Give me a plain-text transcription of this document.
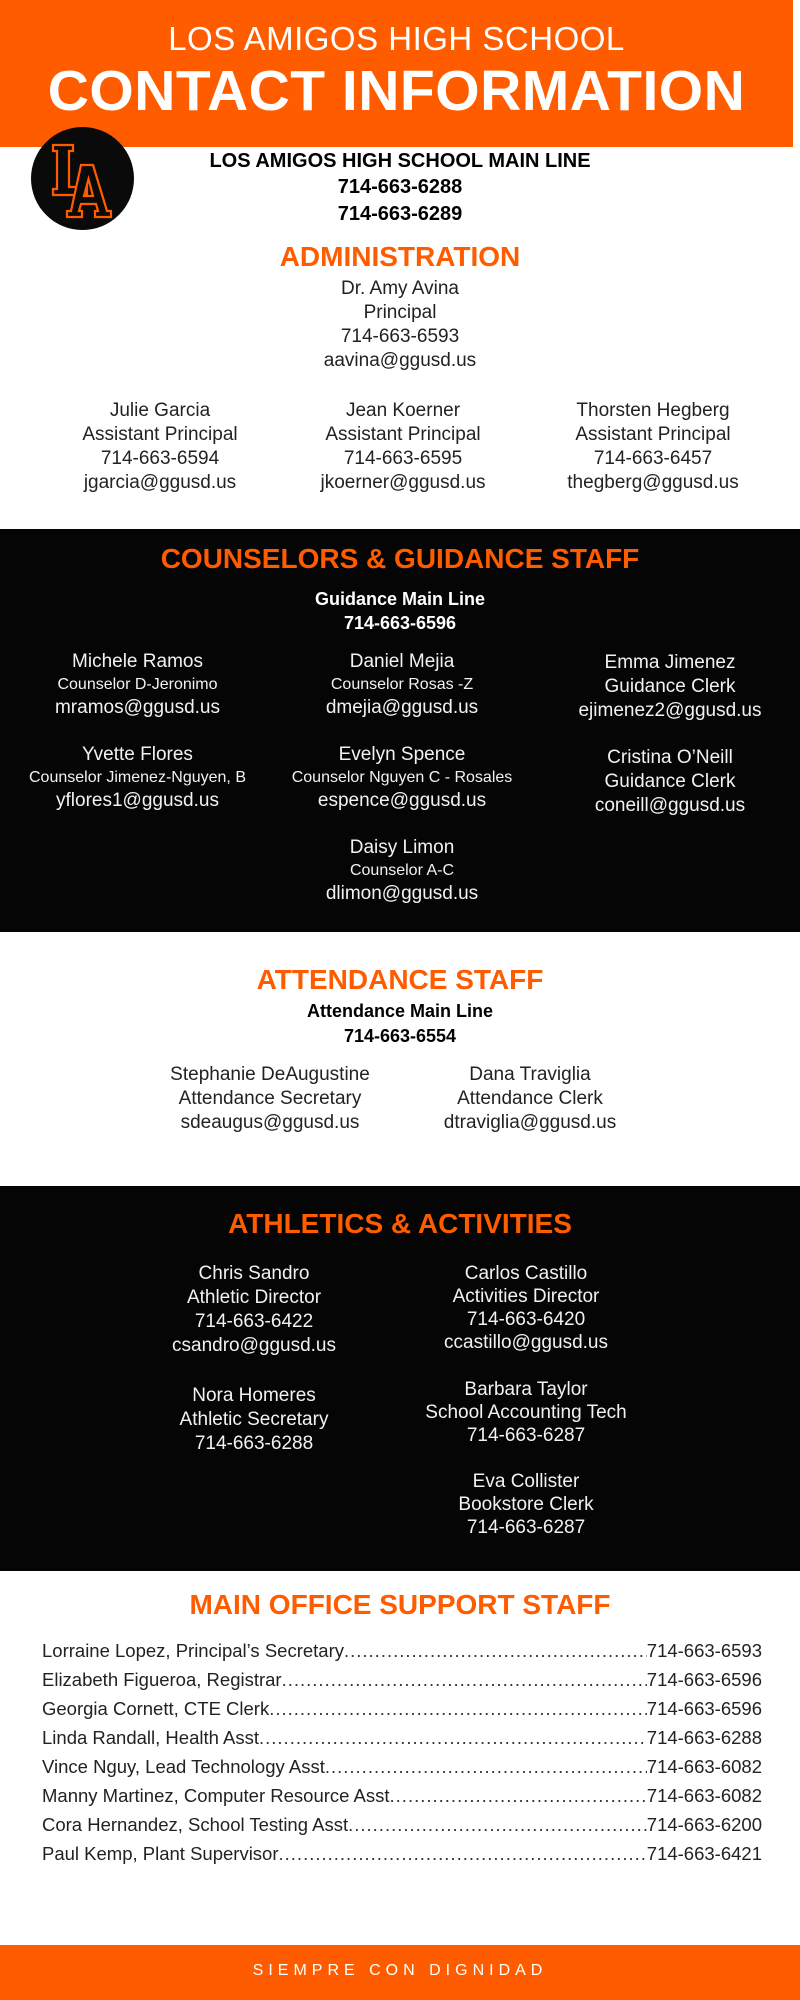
LOS AMIGOS HIGH SCHOOL
CONTACT INFORMATION
LOS AMIGOS HIGH SCHOOL MAIN LINE
714-663-6288
714-663-6289
ADMINISTRATION
Dr. Amy Avina
Principal
714-663-6593
aavina@ggusd.us
Julie Garcia
Assistant Principal
714-663-6594
jgarcia@ggusd.us
Jean Koerner
Assistant Principal
714-663-6595
jkoerner@ggusd.us
Thorsten Hegberg
Assistant Principal
714-663-6457
thegberg@ggusd.us
COUNSELORS & GUIDANCE STAFF
Guidance Main Line
714-663-6596
Michele Ramos
Counselor D-Jeronimo
mramos@ggusd.us
Daniel Mejia
Counselor Rosas -Z
dmejia@ggusd.us
Emma Jimenez
Guidance Clerk
ejimenez2@ggusd.us
Yvette Flores
Counselor Jimenez-Nguyen, B
yflores1@ggusd.us
Evelyn Spence
Counselor Nguyen C - Rosales
espence@ggusd.us
Cristina O’Neill
Guidance Clerk
coneill@ggusd.us
Daisy Limon
Counselor A-C
dlimon@ggusd.us
ATTENDANCE STAFF
Attendance Main Line
714-663-6554
Stephanie DeAugustine
Attendance Secretary
sdeaugus@ggusd.us
Dana Traviglia
Attendance Clerk
dtraviglia@ggusd.us
ATHLETICS & ACTIVITIES
Chris Sandro
Athletic Director
714-663-6422
csandro@ggusd.us
Carlos Castillo
Activities Director
714-663-6420
ccastillo@ggusd.us
Nora Homeres
Athletic Secretary
714-663-6288
Barbara Taylor
School Accounting Tech
714-663-6287
Eva Collister
Bookstore Clerk
714-663-6287
MAIN OFFICE SUPPORT STAFF
Lorraine Lopez, Principal’s Secretary .....	714-663-6593
Elizabeth Figueroa, Registrar .....	714-663-6596
Georgia Cornett, CTE Clerk .....	714-663-6596
Linda Randall, Health Asst .....	714-663-6288
Vince Nguy, Lead Technology Asst .....	714-663-6082
Manny Martinez, Computer Resource Asst .....	714-663-6082
Cora Hernandez, School Testing Asst .....	714-663-6200
Paul Kemp, Plant Supervisor .....	714-663-6421
SIEMPRE CON DIGNIDAD
